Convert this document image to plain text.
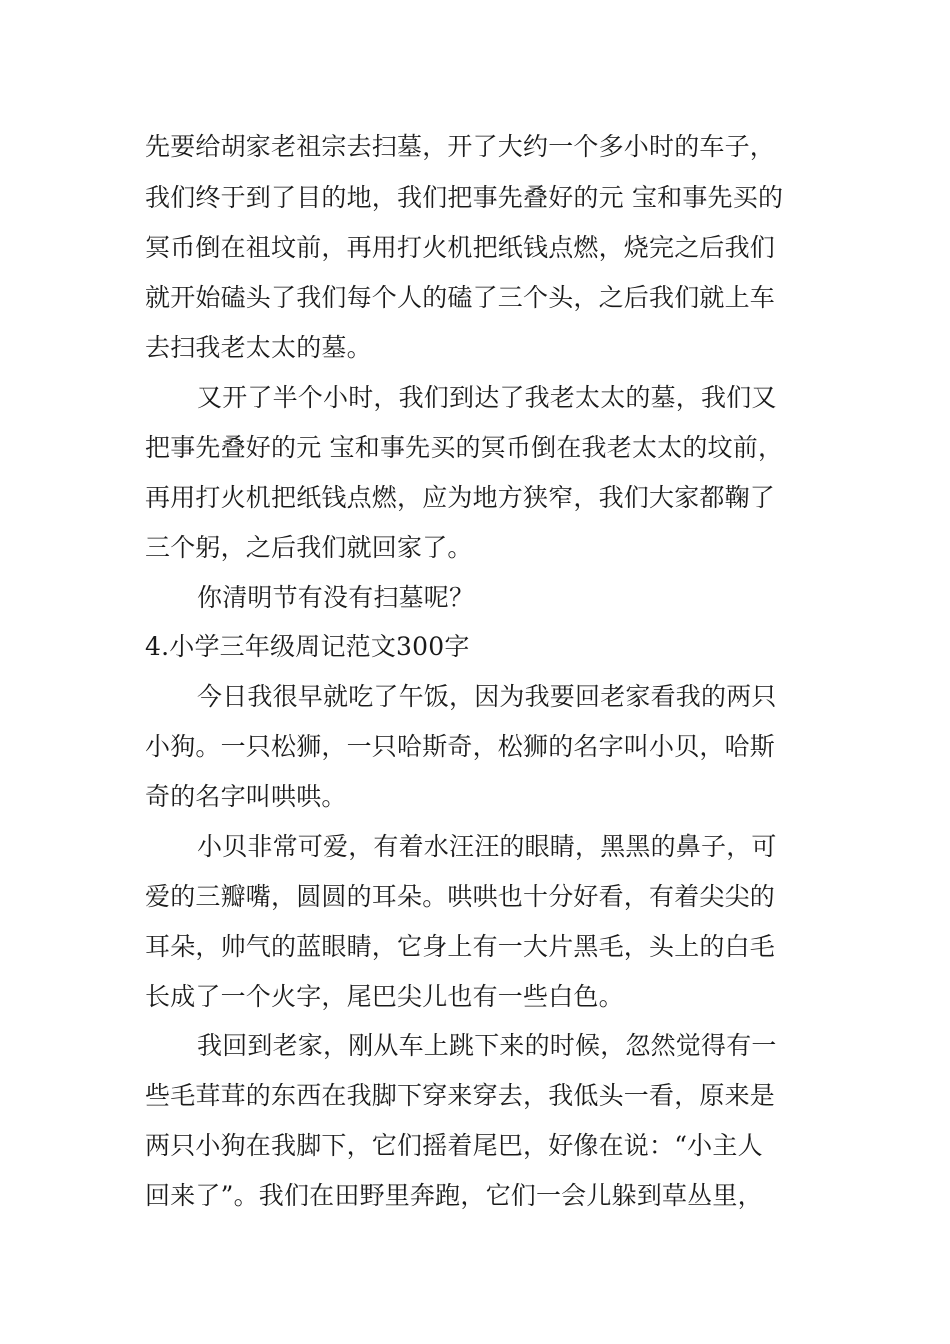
先要给胡家老祖宗去扫墓，开了大约一个多小时的车子，
我们终于到了目的地，我们把事先叠好的元 宝和事先买的
冥币倒在祖坟前，再用打火机把纸钱点燃，烧完之后我们
就开始磕头了我们每个人的磕了三个头，之后我们就上车
去扫我老太太的墓。
又开了半个小时，我们到达了我老太太的墓，我们又
把事先叠好的元 宝和事先买的冥币倒在我老太太的坟前，
再用打火机把纸钱点燃，应为地方狭窄，我们大家都鞠了
三个躬，之后我们就回家了。
你清明节有没有扫墓呢？
4.小学三年级周记范文300字
今日我很早就吃了午饭，因为我要回老家看我的两只
小狗。一只松狮，一只哈斯奇，松狮的名字叫小贝，哈斯
奇的名字叫哄哄。
小贝非常可爱，有着水汪汪的眼睛，黑黑的鼻子，可
爱的三瓣嘴，圆圆的耳朵。哄哄也十分好看，有着尖尖的
耳朵，帅气的蓝眼睛，它身上有一大片黑毛，头上的白毛
长成了一个火字，尾巴尖儿也有一些白色。
我回到老家，刚从车上跳下来的时候，忽然觉得有一
些毛茸茸的东西在我脚下穿来穿去，我低头一看，原来是
两只小狗在我脚下，它们摇着尾巴，好像在说：“小主人
回来了”。我们在田野里奔跑，它们一会儿躲到草丛里，
